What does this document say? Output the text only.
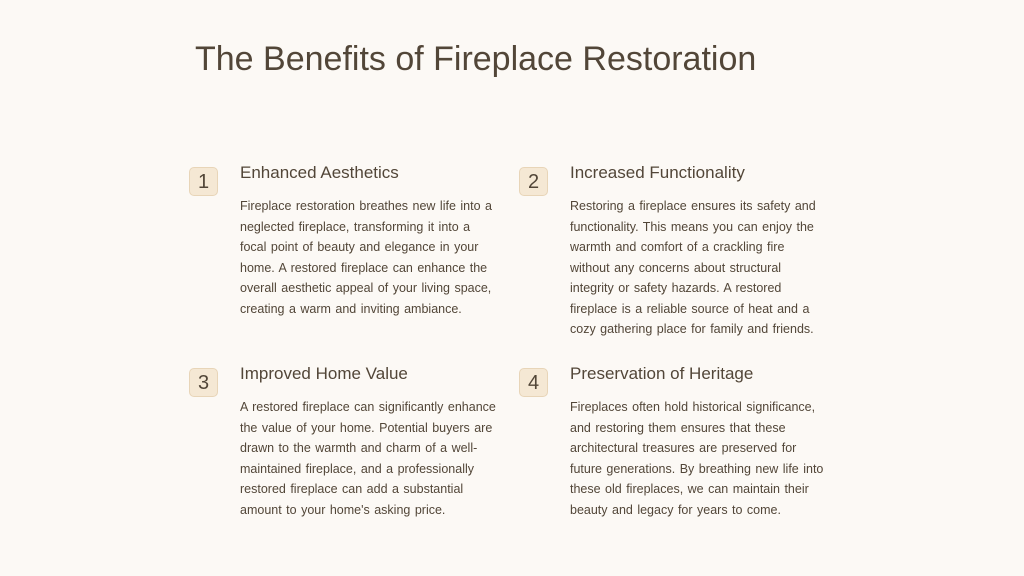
The Benefits of Fireplace Restoration
1	Enhanced Aesthetics
Fireplace restoration breathes new life into a neglected fireplace, transforming it into a focal point of beauty and elegance in your home. A restored fireplace can enhance the overall aesthetic appeal of your living space, creating a warm and inviting ambiance.
2	Increased Functionality
Restoring a fireplace ensures its safety and functionality. This means you can enjoy the warmth and comfort of a crackling fire without any concerns about structural integrity or safety hazards. A restored fireplace is a reliable source of heat and a cozy gathering place for family and friends.
3	Improved Home Value
A restored fireplace can significantly enhance the value of your home. Potential buyers are drawn to the warmth and charm of a well-maintained fireplace, and a professionally restored fireplace can add a substantial amount to your home's asking price.
4	Preservation of Heritage
Fireplaces often hold historical significance, and restoring them ensures that these architectural treasures are preserved for future generations. By breathing new life into these old fireplaces, we can maintain their beauty and legacy for years to come.
